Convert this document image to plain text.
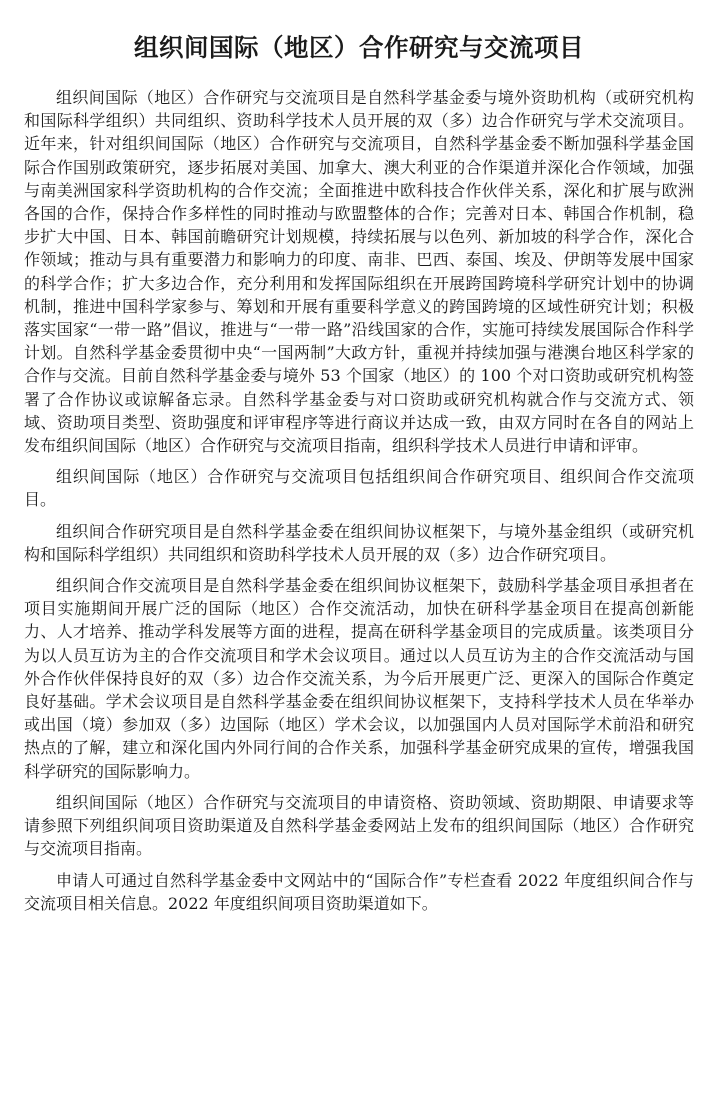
组织间国际（地区）合作研究与交流项目

组织间国际（地区）合作研究与交流项目是自然科学基金委与境外资助机构（或研究机构和国际科学组织）共同组织、资助科学技术人员开展的双（多）边合作研究与学术交流项目。近年来，针对组织间国际（地区）合作研究与交流项目，自然科学基金委不断加强科学基金国际合作国别政策研究，逐步拓展对美国、加拿大、澳大利亚的合作渠道并深化合作领域，加强与南美洲国家科学资助机构的合作交流；全面推进中欧科技合作伙伴关系，深化和扩展与欧洲各国的合作，保持合作多样性的同时推动与欧盟整体的合作；完善对日本、韩国合作机制，稳步扩大中国、日本、韩国前瞻研究计划规模，持续拓展与以色列、新加坡的科学合作，深化合作领域；推动与具有重要潜力和影响力的印度、南非、巴西、泰国、埃及、伊朗等发展中国家的科学合作；扩大多边合作，充分利用和发挥国际组织在开展跨国跨境科学研究计划中的协调机制，推进中国科学家参与、筹划和开展有重要科学意义的跨国跨境的区域性研究计划；积极落实国家“一带一路”倡议，推进与“一带一路”沿线国家的合作，实施可持续发展国际合作科学计划。自然科学基金委贯彻中央“一国两制”大政方针，重视并持续加强与港澳台地区科学家的合作与交流。目前自然科学基金委与境外 53 个国家（地区）的 100 个对口资助或研究机构签署了合作协议或谅解备忘录。自然科学基金委与对口资助或研究机构就合作与交流方式、领域、资助项目类型、资助强度和评审程序等进行商议并达成一致，由双方同时在各自的网站上发布组织间国际（地区）合作研究与交流项目指南，组织科学技术人员进行申请和评审。

组织间国际（地区）合作研究与交流项目包括组织间合作研究项目、组织间合作交流项目。

组织间合作研究项目是自然科学基金委在组织间协议框架下，与境外基金组织（或研究机构和国际科学组织）共同组织和资助科学技术人员开展的双（多）边合作研究项目。

组织间合作交流项目是自然科学基金委在组织间协议框架下，鼓励科学基金项目承担者在项目实施期间开展广泛的国际（地区）合作交流活动，加快在研科学基金项目在提高创新能力、人才培养、推动学科发展等方面的进程，提高在研科学基金项目的完成质量。该类项目分为以人员互访为主的合作交流项目和学术会议项目。通过以人员互访为主的合作交流活动与国外合作伙伴保持良好的双（多）边合作交流关系，为今后开展更广泛、更深入的国际合作奠定良好基础。学术会议项目是自然科学基金委在组织间协议框架下，支持科学技术人员在华举办或出国（境）参加双（多）边国际（地区）学术会议，以加强国内人员对国际学术前沿和研究热点的了解，建立和深化国内外同行间的合作关系，加强科学基金研究成果的宣传，增强我国科学研究的国际影响力。

组织间国际（地区）合作研究与交流项目的申请资格、资助领域、资助期限、申请要求等请参照下列组织间项目资助渠道及自然科学基金委网站上发布的组织间国际（地区）合作研究与交流项目指南。

申请人可通过自然科学基金委中文网站中的“国际合作”专栏查看 2022 年度组织间合作与交流项目相关信息。2022 年度组织间项目资助渠道如下。
